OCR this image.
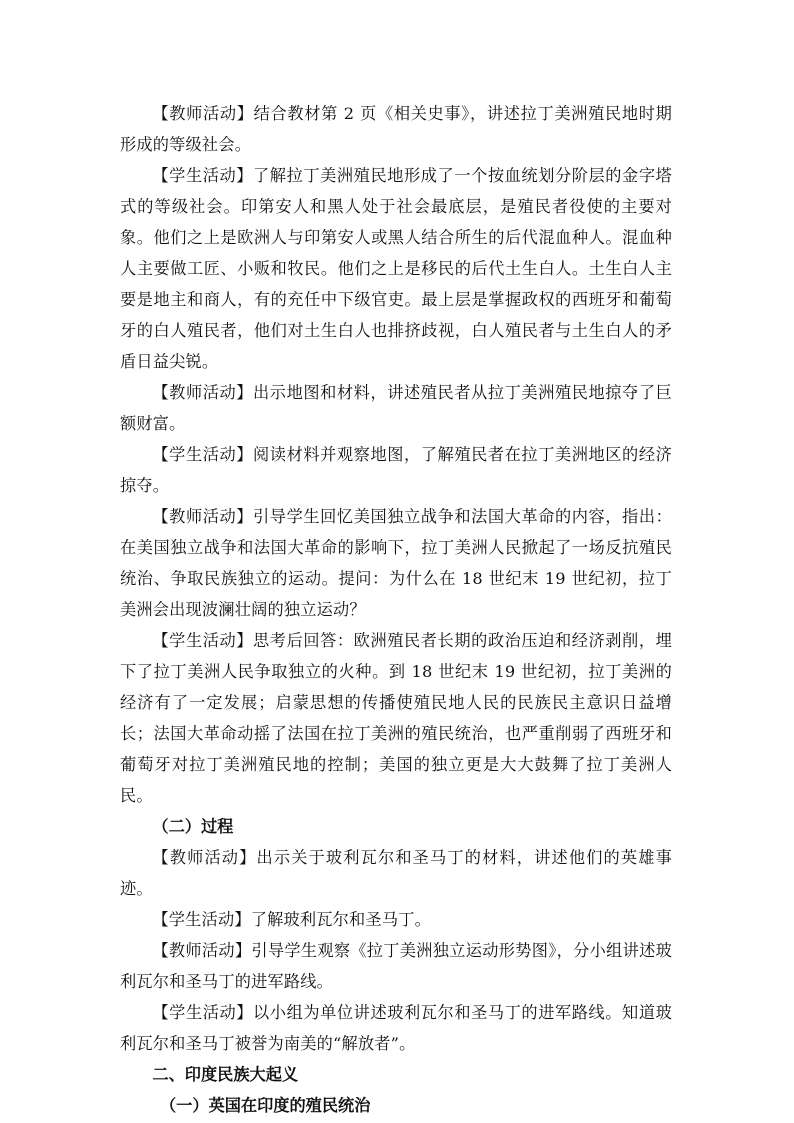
【教师活动】结合教材第 2 页《相关史事》，讲述拉丁美洲殖民地时期形成的等级社会。

【学生活动】了解拉丁美洲殖民地形成了一个按血统划分阶层的金字塔式的等级社会。印第安人和黑人处于社会最底层，是殖民者役使的主要对象。他们之上是欧洲人与印第安人或黑人结合所生的后代混血种人。混血种人主要做工匠、小贩和牧民。他们之上是移民的后代土生白人。土生白人主要是地主和商人，有的充任中下级官吏。最上层是掌握政权的西班牙和葡萄牙的白人殖民者，他们对土生白人也排挤歧视，白人殖民者与土生白人的矛盾日益尖锐。

【教师活动】出示地图和材料，讲述殖民者从拉丁美洲殖民地掠夺了巨额财富。

【学生活动】阅读材料并观察地图，了解殖民者在拉丁美洲地区的经济掠夺。

【教师活动】引导学生回忆美国独立战争和法国大革命的内容，指出：在美国独立战争和法国大革命的影响下，拉丁美洲人民掀起了一场反抗殖民统治、争取民族独立的运动。提问：为什么在 18 世纪末 19 世纪初，拉丁美洲会出现波澜壮阔的独立运动？

【学生活动】思考后回答：欧洲殖民者长期的政治压迫和经济剥削，埋下了拉丁美洲人民争取独立的火种。到 18 世纪末 19 世纪初，拉丁美洲的经济有了一定发展；启蒙思想的传播使殖民地人民的民族民主意识日益增长；法国大革命动摇了法国在拉丁美洲的殖民统治，也严重削弱了西班牙和葡萄牙对拉丁美洲殖民地的控制；美国的独立更是大大鼓舞了拉丁美洲人民。

（二）过程

【教师活动】出示关于玻利瓦尔和圣马丁的材料，讲述他们的英雄事迹。

【学生活动】了解玻利瓦尔和圣马丁。

【教师活动】引导学生观察《拉丁美洲独立运动形势图》，分小组讲述玻利瓦尔和圣马丁的进军路线。

【学生活动】以小组为单位讲述玻利瓦尔和圣马丁的进军路线。知道玻利瓦尔和圣马丁被誉为南美的“解放者”。

二、印度民族大起义

（一）英国在印度的殖民统治
